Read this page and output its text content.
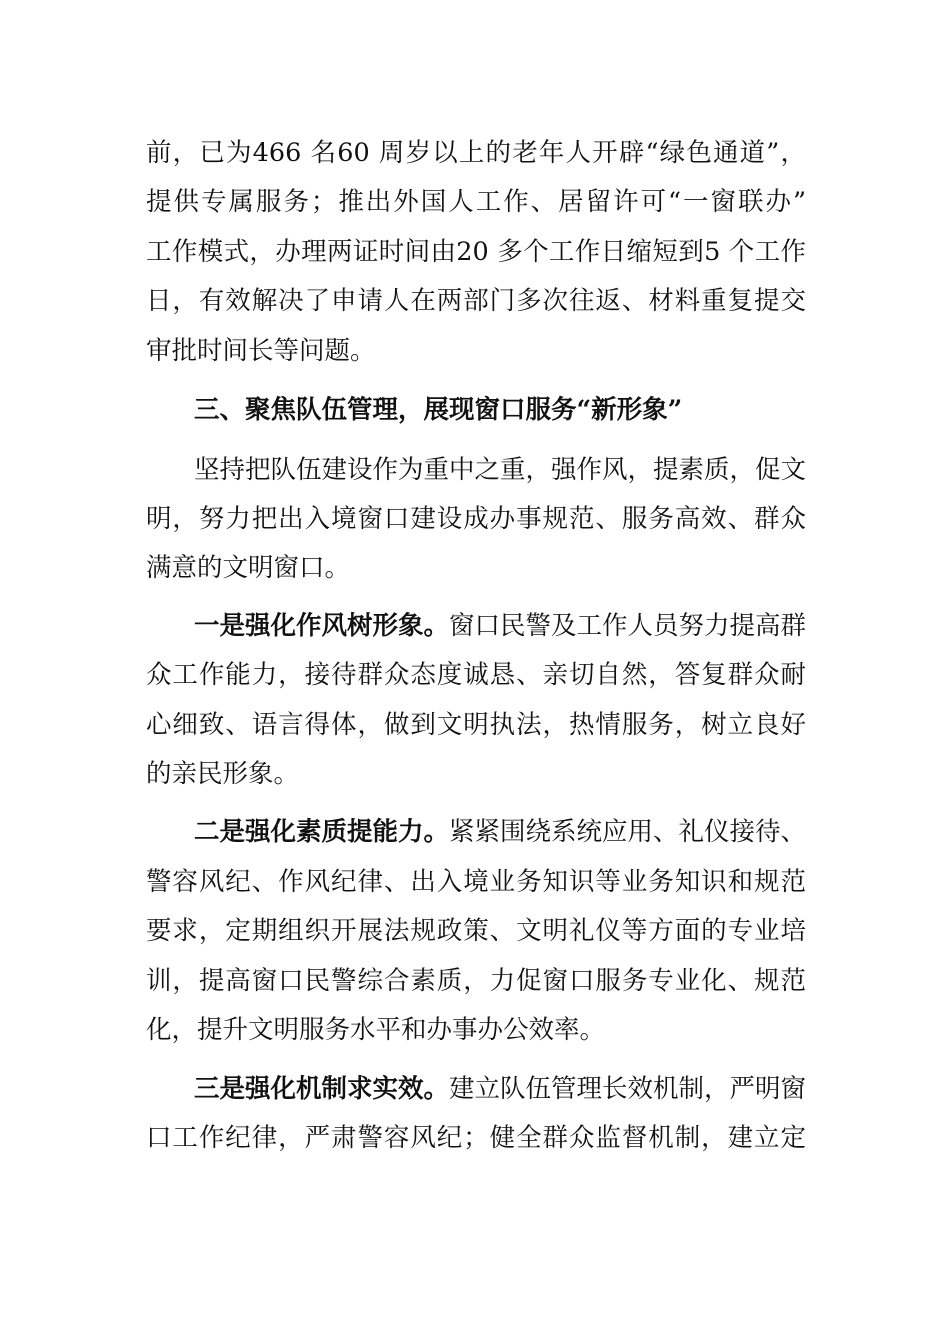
前，已为466 名60 周岁以上的老年人开辟“绿色通道”，
提供专属服务；推出外国人工作、居留许可“一窗联办”
工作模式，办理两证时间由20 多个工作日缩短到5 个工作
日，有效解决了申请人在两部门多次往返、材料重复提交
审批时间长等问题。
三、聚焦队伍管理，展现窗口服务“新形象”
坚持把队伍建设作为重中之重，强作风，提素质，促文
明，努力把出入境窗口建设成办事规范、服务高效、群众
满意的文明窗口。
一是强化作风树形象。窗口民警及工作人员努力提高群
众工作能力，接待群众态度诚恳、亲切自然，答复群众耐
心细致、语言得体，做到文明执法，热情服务，树立良好
的亲民形象。
二是强化素质提能力。紧紧围绕系统应用、礼仪接待、
警容风纪、作风纪律、出入境业务知识等业务知识和规范
要求，定期组织开展法规政策、文明礼仪等方面的专业培
训，提高窗口民警综合素质，力促窗口服务专业化、规范
化，提升文明服务水平和办事办公效率。
三是强化机制求实效。建立队伍管理长效机制，严明窗
口工作纪律，严肃警容风纪；健全群众监督机制，建立定
